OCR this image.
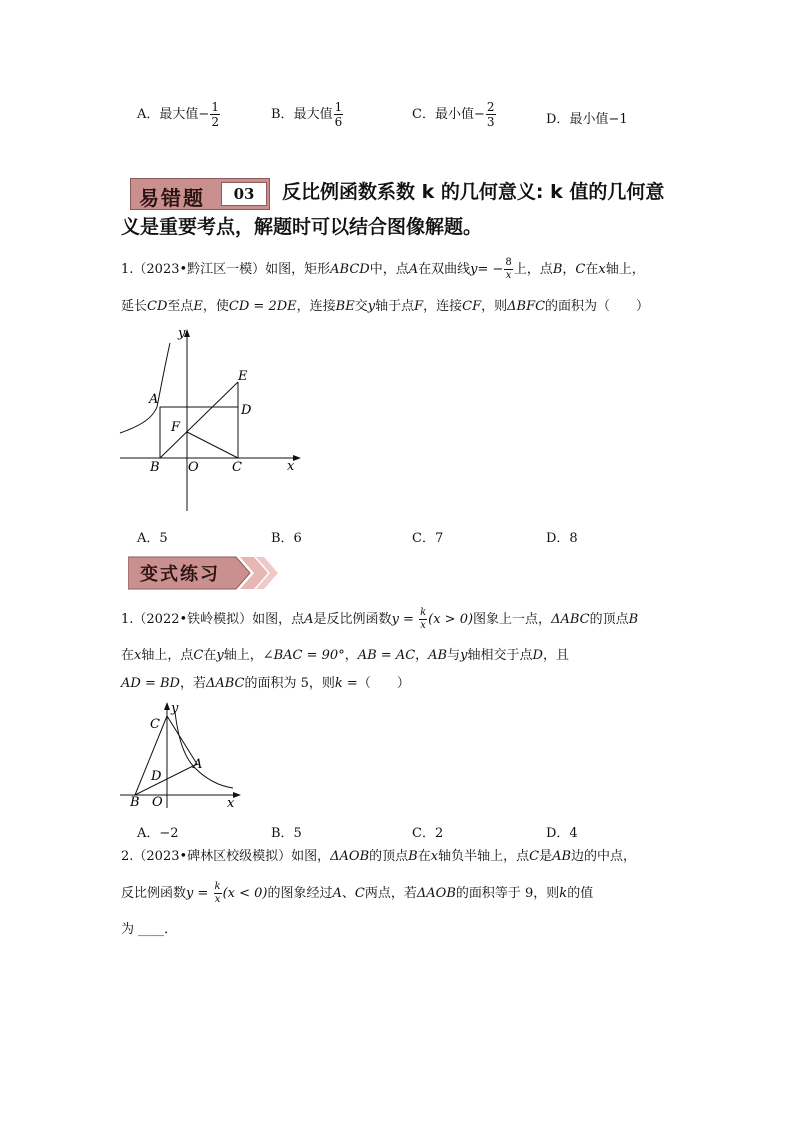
A．最大值− $\frac{1}{2}$	B．最大值 $\frac{1}{6}$	C．最小值− $\frac{2}{3}$	D．最小值−1
易错题	03	反比例函数系数 k 的几何意义: k 值的几何意
义是重要考点，解题时可以结合图像解题。
1.（2023•黔江区一模）如图，矩形ABCD中，点A在双曲线$y= - \frac{8}{x}$ 上，点B，C在x轴上，
延长CD至点E，使CD = 2DE，连接BE交y轴于点F，连接CF，则ΔBFC的面积为（　　）
y
x
A
B	C
D
E
F
O
A．5	B．6	C．7	D．8
变式练习
1.（2022•铁岭模拟）如图，点A是反比例函数$y = \frac{k}{x} (x > 0)$图象上一点，ΔABC的顶点B
在x轴上，点C在y轴上，∠BAC = 90°，AB = AC，AB与y轴相交于点D，且
AD = BD，若ΔABC的面积为 5，则k =（　　）
y
x
C
A
D
B O
A．−2	B．5	C．2	D．4
2.（2023•碑林区校级模拟）如图，ΔAOB的顶点B在x轴负半轴上，点C是AB边的中点，
反比例函数$y = \frac{k}{x} (x < 0)$的图象经过A、C两点，若ΔAOB的面积等于 9，则k的值
为 ____．
